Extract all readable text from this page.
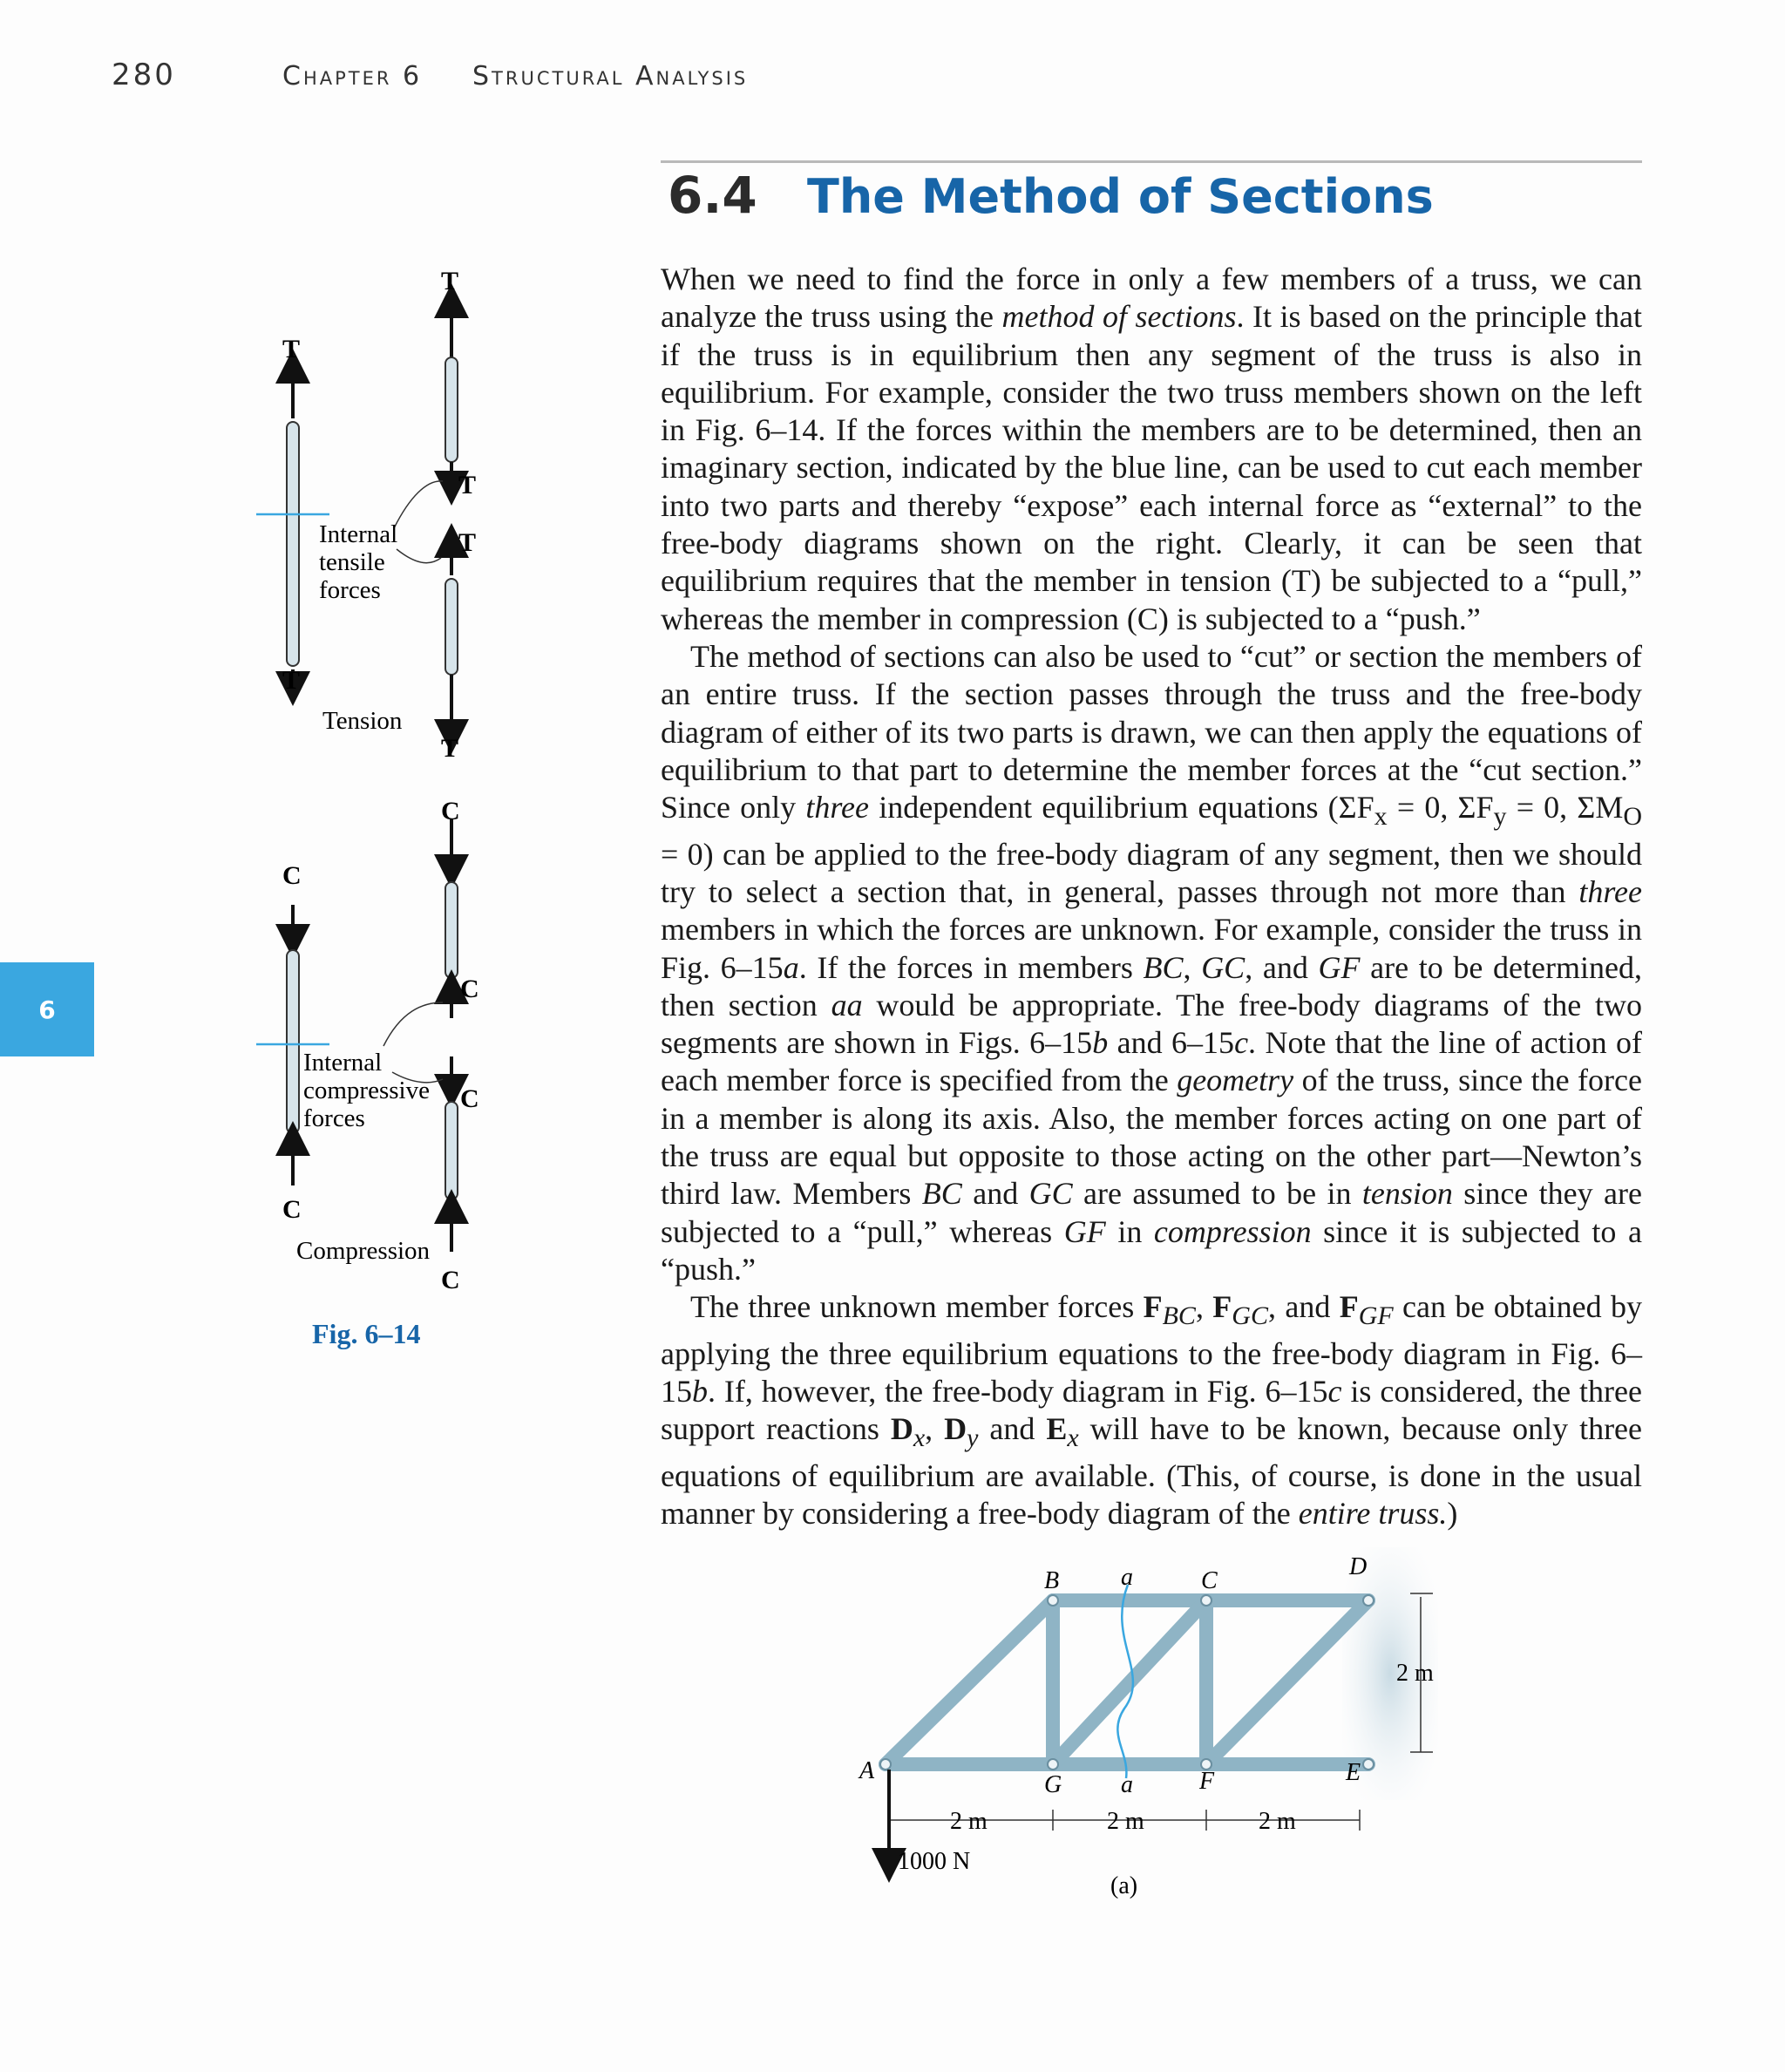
280	Chapter 6 Structural Analysis
6.4 The Method of Sections
6

When we need to find the force in only a few members of a truss, we can analyze the truss using the method of sections. It is based on the principle that if the truss is in equilibrium then any segment of the truss is also in equilibrium. For example, consider the two truss members shown on the left in Fig. 6–14. If the forces within the members are to be determined, then an imaginary section, indicated by the blue line, can be used to cut each member into two parts and thereby “expose” each internal force as “external” to the free-body diagrams shown on the right. Clearly, it can be seen that equilibrium requires that the member in tension (T) be subjected to a “pull,” whereas the member in compression (C) is subjected to a “push.”

The method of sections can also be used to “cut” or section the members of an entire truss. If the section passes through the truss and the free-body diagram of either of its two parts is drawn, we can then apply the equations of equilibrium to that part to determine the member forces at the “cut section.” Since only three independent equilibrium equations ($\Sigma F_x = 0$, $\Sigma F_y = 0$, $\Sigma M_O = 0$) can be applied to the free-body diagram of any segment, then we should try to select a section that, in general, passes through not more than three members in which the forces are unknown. For example, consider the truss in Fig. 6–15a. If the forces in members BC, GC, and GF are to be determined, then section aa would be appropriate. The free-body diagrams of the two segments are shown in Figs. 6–15b and 6–15c. Note that the line of action of each member force is specified from the geometry of the truss, since the force in a member is along its axis. Also, the member forces acting on one part of the truss are equal but opposite to those acting on the other part—Newton’s third law. Members BC and GC are assumed to be in tension since they are subjected to a “pull,” whereas GF in compression since it is subjected to a “push.”

The three unknown member forces $F_{BC}$, $F_{GC}$, and $F_{GF}$ can be obtained by applying the three equilibrium equations to the free-body diagram in Fig. 6–15b. If, however, the free-body diagram in Fig. 6–15c is considered, the three support reactions $D_x$, $D_y$ and $E_x$ will have to be known, because only three equations of equilibrium are available. (This, of course, is done in the usual manner by considering a free-body diagram of the entire truss.)

T
T
T
T
T
T
C
C
C
C
C
C
Internal
tensile
forces
Tension
Internal
compressive
forces
Compression
Fig. 6–14
A
B	C
D
E
F
G
a
a
2 m
2 m	2 m	2 m
1000 N
(a)
